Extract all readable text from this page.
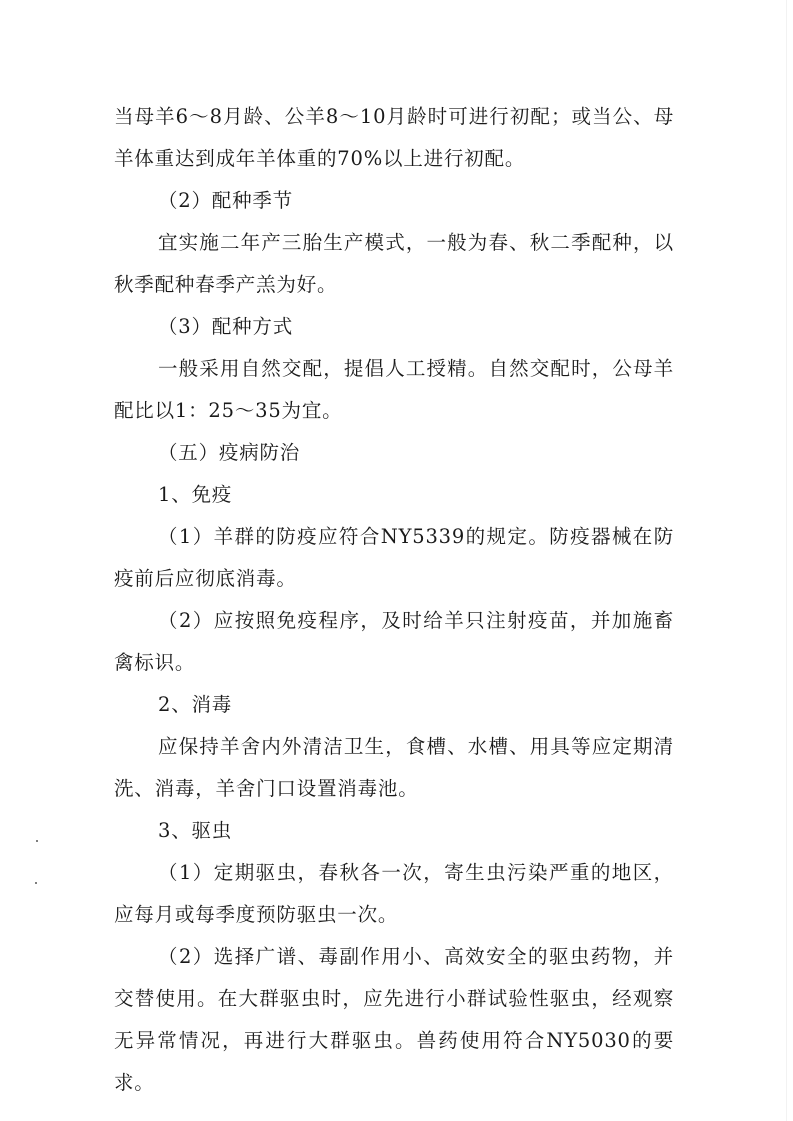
当母羊6～8月龄、公羊8～10月龄时可进行初配；或当公、母羊体重达到成年羊体重的70%以上进行初配。

（2）配种季节

宜实施二年产三胎生产模式，一般为春、秋二季配种，以秋季配种春季产羔为好。

（3）配种方式

一般采用自然交配，提倡人工授精。自然交配时，公母羊配比以1：25～35为宜。

（五）疫病防治

1、免疫

（1）羊群的防疫应符合NY5339的规定。防疫器械在防疫前后应彻底消毒。

（2）应按照免疫程序，及时给羊只注射疫苗，并加施畜禽标识。

2、消毒

应保持羊舍内外清洁卫生，食槽、水槽、用具等应定期清洗、消毒，羊舍门口设置消毒池。

3、驱虫

（1）定期驱虫，春秋各一次，寄生虫污染严重的地区，应每月或每季度预防驱虫一次。

（2）选择广谱、毒副作用小、高效安全的驱虫药物，并交替使用。在大群驱虫时，应先进行小群试验性驱虫，经观察无异常情况，再进行大群驱虫。兽药使用符合NY5030的要求。
